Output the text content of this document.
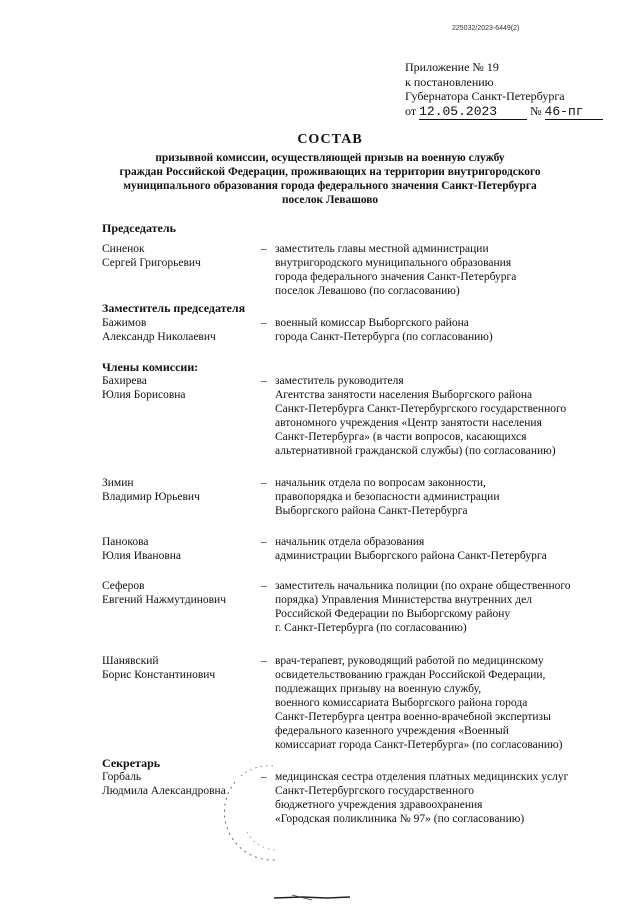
225032/2023-6449(2)
Приложение № 19
к постановлению
Губернатора Санкт-Петербурга
от 12.05.2023	№ 46-пг
СОСТАВ
призывной комиссии, осуществляющей призыв на военную службу
граждан Российской Федерации, проживающих на территории внутригородского
муниципального образования города федерального значения Санкт-Петербурга
поселок Левашово
Председатель
Синенок
Сергей Григорьевич
– заместитель главы местной администрации
внутригородского муниципального образования
города федерального значения Санкт-Петербурга
поселок Левашово (по согласованию)
Заместитель председателя
Бажимов
Александр Николаевич
– военный комиссар Выборгского района
города Санкт-Петербурга (по согласованию)
Члены комиссии:
Бахирева
Юлия Борисовна
– заместитель руководителя
Агентства занятости населения Выборгского района
Санкт-Петербурга Санкт-Петербургского государственного
автономного учреждения «Центр занятости населения
Санкт-Петербурга» (в части вопросов, касающихся
альтернативной гражданской службы) (по согласованию)
Зимин
Владимир Юрьевич
– начальник отдела по вопросам законности,
правопорядка и безопасности администрации
Выборгского района Санкт-Петербурга
Панокова
Юлия Ивановна
– начальник отдела образования
администрации Выборгского района Санкт-Петербурга
Сеферов
Евгений Нажмутдинович
– заместитель начальника полиции (по охране общественного
порядка) Управления Министерства внутренних дел
Российской Федерации по Выборгскому району
г. Санкт-Петербурга (по согласованию)
Шанявский
Борис Константинович
– врач-терапевт, руководящий работой по медицинскому
освидетельствованию граждан Российской Федерации,
подлежащих призыву на военную службу,
военного комиссариата Выборгского района города
Санкт-Петербурга центра военно-врачебной экспертизы
федерального казенного учреждения «Военный
комиссариат города Санкт-Петербурга» (по согласованию)
Секретарь
Горбаль
Людмила Александровна
– медицинская сестра отделения платных медицинских услуг
Санкт-Петербургского государственного
бюджетного учреждения здравоохранения
«Городская поликлиника № 97» (по согласованию)
